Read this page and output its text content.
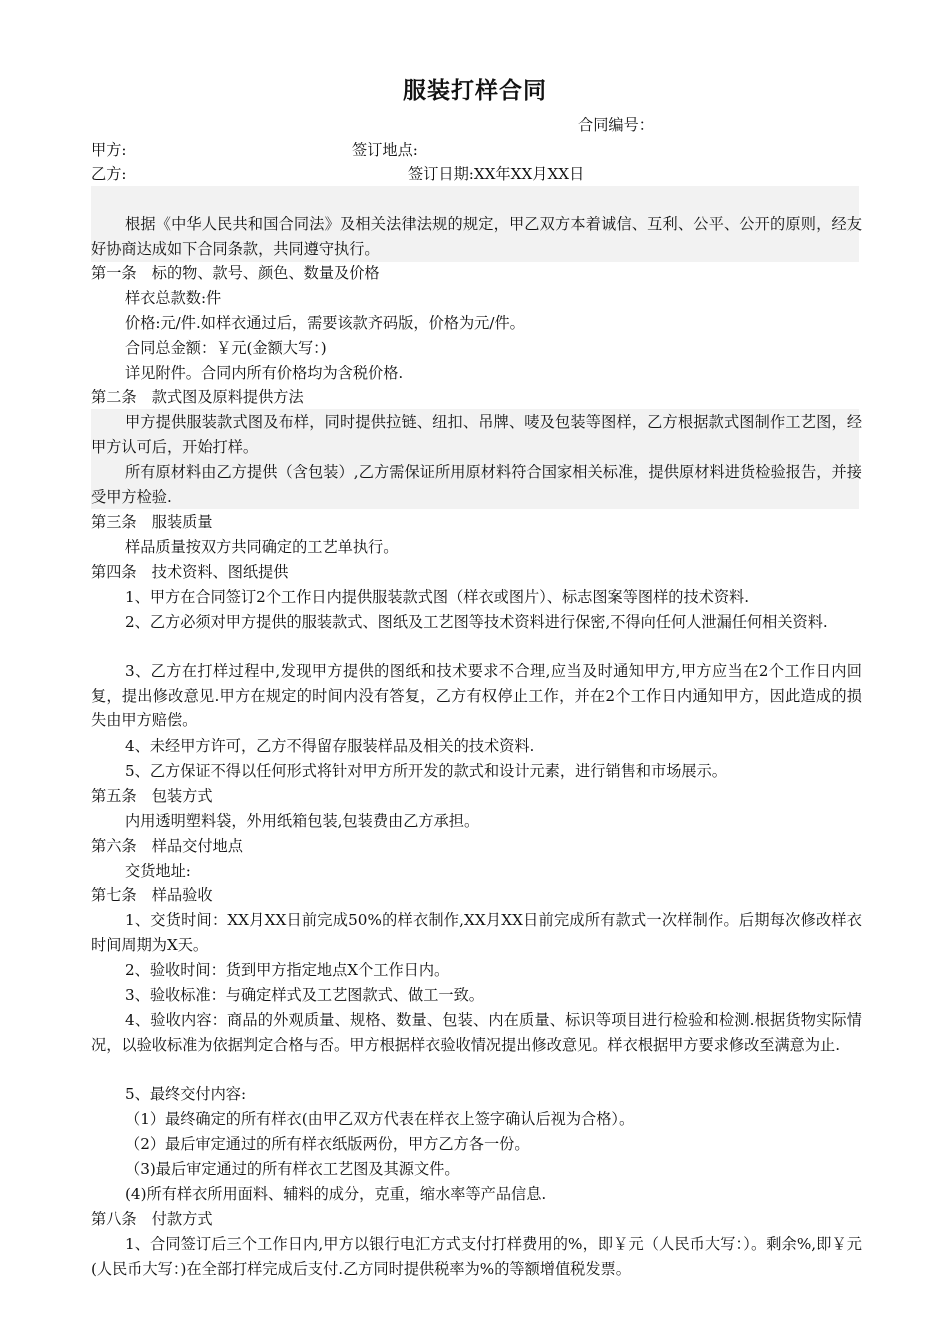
服装打样合同
合同编号：
甲方:	签订地点:
乙方:	签订日期:XX年XX月XX日
根据《中华人民共和国合同法》及相关法律法规的规定，甲乙双方本着诚信、互利、公平、公开的原则，经友好协商达成如下合同条款，共同遵守执行。
第一条　标的物、款号、颜色、数量及价格
样衣总款数:件
价格:元/件.如样衣通过后，需要该款齐码版，价格为元/件。
合同总金额：￥元(金额大写：)
详见附件。合同内所有价格均为含税价格.
第二条　款式图及原料提供方法
甲方提供服装款式图及布样，同时提供拉链、纽扣、吊牌、唛及包装等图样，乙方根据款式图制作工艺图，经甲方认可后，开始打样。
所有原材料由乙方提供（含包装）,乙方需保证所用原材料符合国家相关标准，提供原材料进货检验报告，并接受甲方检验.
第三条　服装质量
样品质量按双方共同确定的工艺单执行。
第四条　技术资料、图纸提供
1、甲方在合同签订2个工作日内提供服装款式图（样衣或图片）、标志图案等图样的技术资料.
2、乙方必须对甲方提供的服装款式、图纸及工艺图等技术资料进行保密,不得向任何人泄漏任何相关资料.
3、乙方在打样过程中,发现甲方提供的图纸和技术要求不合理,应当及时通知甲方,甲方应当在2个工作日内回复，提出修改意见.甲方在规定的时间内没有答复，乙方有权停止工作，并在2个工作日内通知甲方，因此造成的损失由甲方赔偿。
4、未经甲方许可，乙方不得留存服装样品及相关的技术资料.
5、乙方保证不得以任何形式将针对甲方所开发的款式和设计元素，进行销售和市场展示。
第五条　包装方式
内用透明塑料袋，外用纸箱包装,包装费由乙方承担。
第六条　样品交付地点
交货地址:
第七条　样品验收
1、交货时间：XX月XX日前完成50%的样衣制作,XX月XX日前完成所有款式一次样制作。后期每次修改样衣时间周期为X天。
2、验收时间：货到甲方指定地点X个工作日内。
3、验收标准：与确定样式及工艺图款式、做工一致。
4、验收内容：商品的外观质量、规格、数量、包装、内在质量、标识等项目进行检验和检测.根据货物实际情况，以验收标准为依据判定合格与否。甲方根据样衣验收情况提出修改意见。样衣根据甲方要求修改至满意为止.
5、最终交付内容:
（1）最终确定的所有样衣(由甲乙双方代表在样衣上签字确认后视为合格）。
（2）最后审定通过的所有样衣纸版两份，甲方乙方各一份。
（3)最后审定通过的所有样衣工艺图及其源文件。
(4)所有样衣所用面料、辅料的成分，克重，缩水率等产品信息.
第八条　付款方式
1、合同签订后三个工作日内,甲方以银行电汇方式支付打样费用的%，即￥元（人民币大写：）。剩余%,即￥元(人民币大写：)在全部打样完成后支付.乙方同时提供税率为%的等额增值税发票。
